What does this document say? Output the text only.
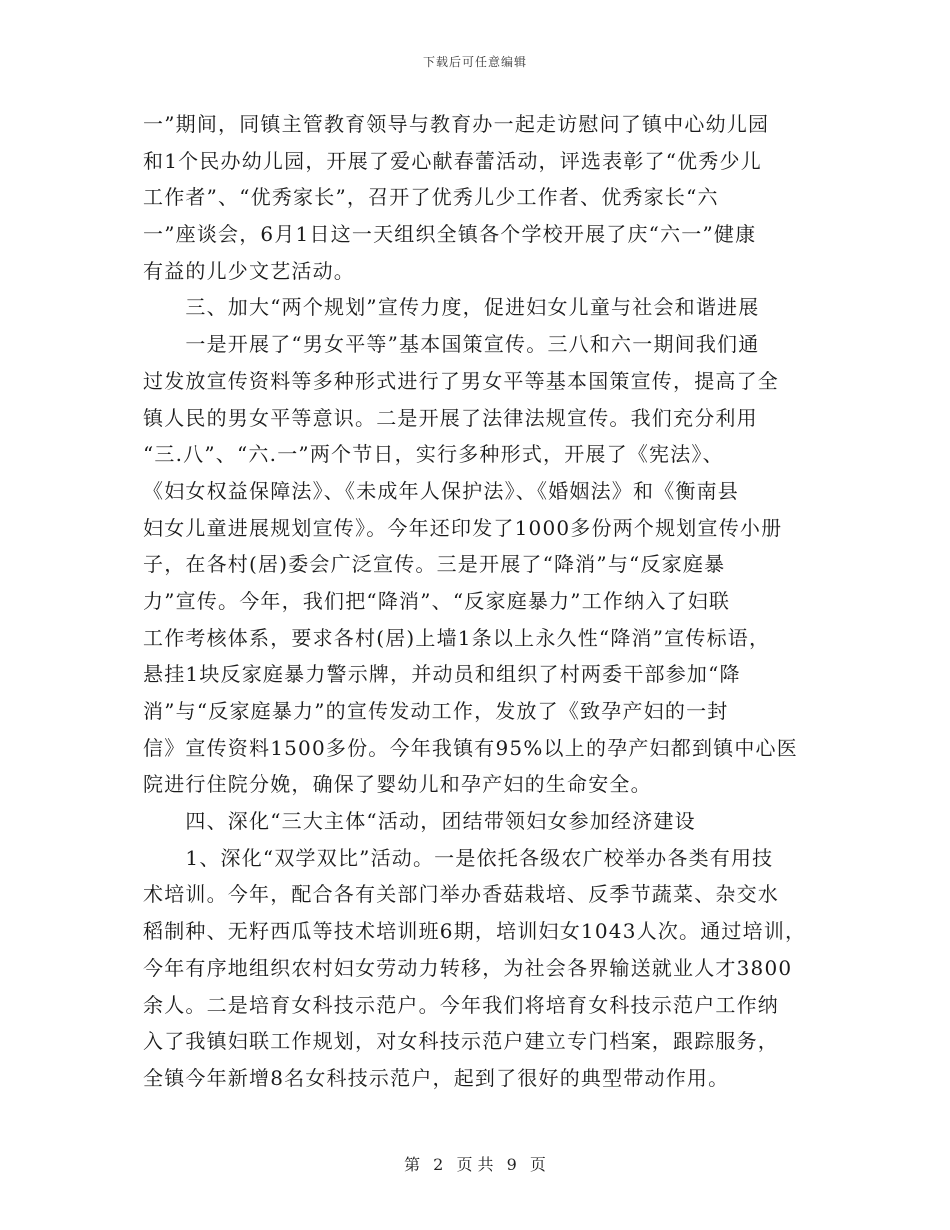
下载后可任意编辑
一”期间，同镇主管教育领导与教育办一起走访慰问了镇中心幼儿园
和1个民办幼儿园，开展了爱心献春蕾活动，评选表彰了“优秀少儿
工作者”、“优秀家长”，召开了优秀儿少工作者、优秀家长“六
一”座谈会，6月1日这一天组织全镇各个学校开展了庆“六一”健康
有益的儿少文艺活动。
　　三、加大“两个规划”宣传力度，促进妇女儿童与社会和谐进展
　　一是开展了“男女平等”基本国策宣传。三八和六一期间我们通
过发放宣传资料等多种形式进行了男女平等基本国策宣传，提高了全
镇人民的男女平等意识。二是开展了法律法规宣传。我们充分利用
“三.八”、“六.一”两个节日，实行多种形式，开展了《宪法》、
《妇女权益保障法》、《未成年人保护法》、《婚姻法》和《衡南县
妇女儿童进展规划宣传》。今年还印发了1000多份两个规划宣传小册
子，在各村(居)委会广泛宣传。三是开展了“降消”与“反家庭暴
力”宣传。今年，我们把“降消”、“反家庭暴力”工作纳入了妇联
工作考核体系，要求各村(居)上墙1条以上永久性“降消”宣传标语，
悬挂1块反家庭暴力警示牌，并动员和组织了村两委干部参加“降
消”与“反家庭暴力”的宣传发动工作，发放了《致孕产妇的一封
信》宣传资料1500多份。今年我镇有95%以上的孕产妇都到镇中心医
院进行住院分娩，确保了婴幼儿和孕产妇的生命安全。
　　四、深化“三大主体“活动，团结带领妇女参加经济建设
　　1、深化“双学双比”活动。一是依托各级农广校举办各类有用技
术培训。今年，配合各有关部门举办香菇栽培、反季节蔬菜、杂交水
稻制种、无籽西瓜等技术培训班6期，培训妇女1043人次。通过培训，
今年有序地组织农村妇女劳动力转移，为社会各界输送就业人才3800
余人。二是培育女科技示范户。今年我们将培育女科技示范户工作纳
入了我镇妇联工作规划，对女科技示范户建立专门档案，跟踪服务，
全镇今年新增8名女科技示范户，起到了很好的典型带动作用。
第 2 页 共 9 页
